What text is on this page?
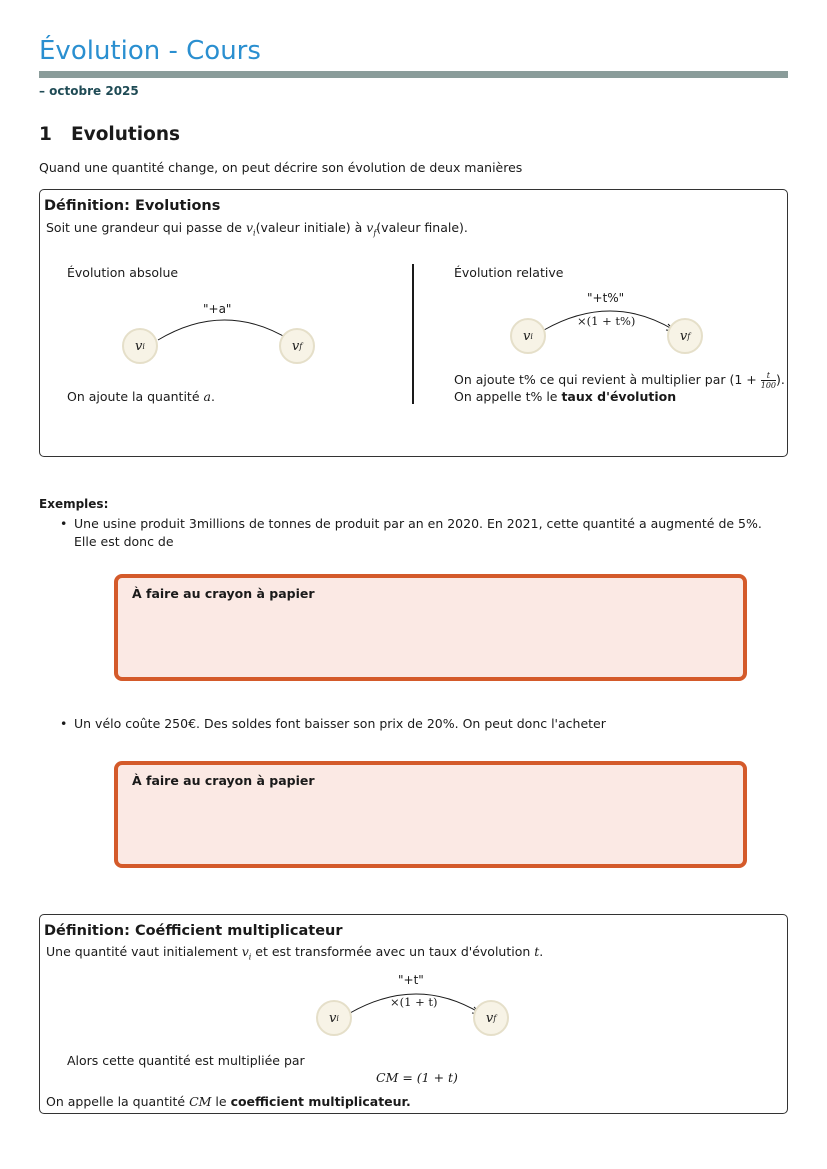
Évolution - Cours
– octobre 2025
1 Evolutions
Quand une quantité change, on peut décrire son évolution de deux manières
Définition: Evolutions
Soit une grandeur qui passe de $v_i(valeur$ initiale) à $v_f(valeur$ finale).
Évolution absolue
"+a"
v i	v f
On ajoute la quantité a.
Évolution relative
"+t%"
×(1 + t%)
v i	v f
On ajoute t% ce qui revient à multiplier par ($1 + \frac{t}{100}$ ).
On appelle t% le taux d'évolution
Exemples:
• Une usine produit 3millions de tonnes de produit par an en 2020. En 2021, cette quantité a augmenté de 5%. Elle est donc de
À faire au crayon à papier
• Un vélo coûte 250€. Des soldes font baisser son prix de 20%. On peut donc l'acheter
À faire au crayon à papier
Définition: Coéfficient multiplicateur
Une quantité vaut initialement $v_i$ et est transformée avec un taux d'évolution t.
"+t"
×(1 + t)
v i	v f
Alors cette quantité est multipliée par
CM = (1 + t)
On appelle la quantité CM le coefficient multiplicateur.
